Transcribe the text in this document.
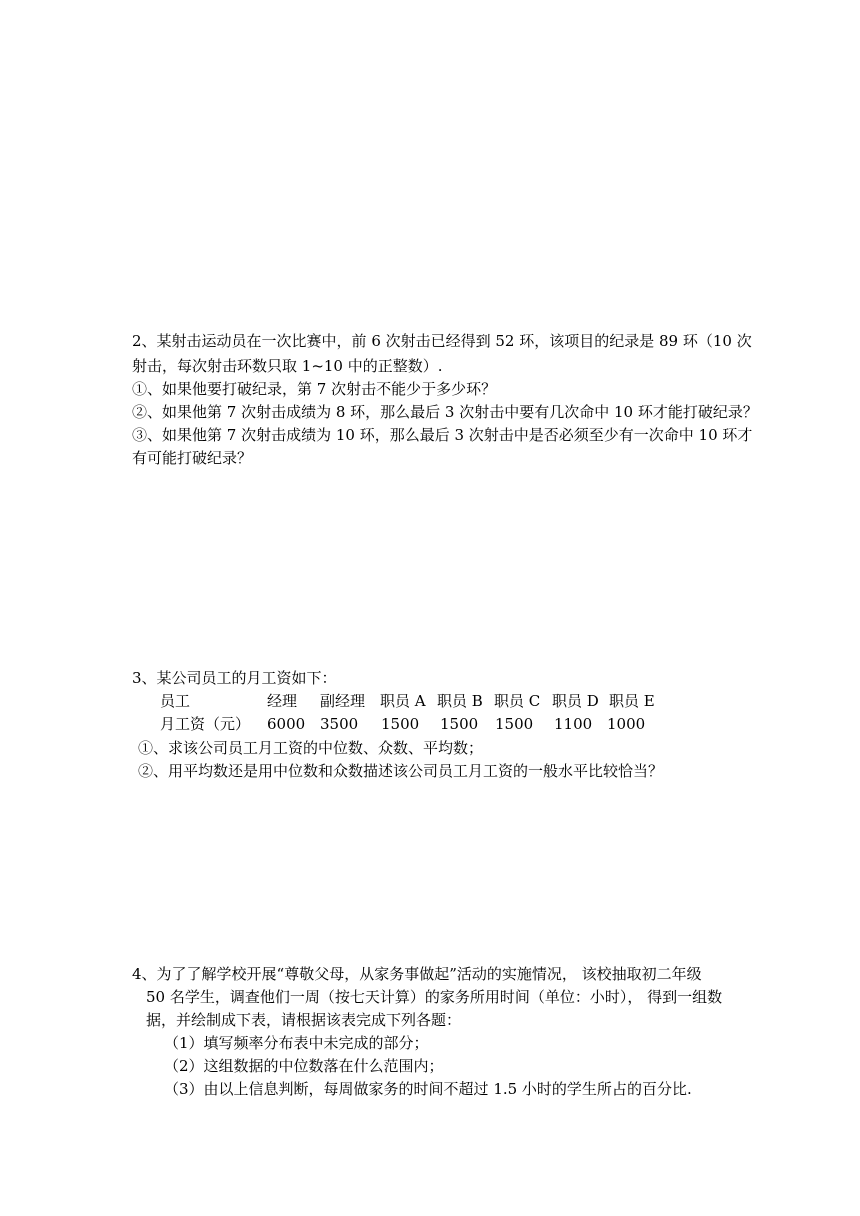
2、某射击运动员在一次比赛中，前 6 次射击已经得到 52 环，该项目的纪录是 89 环（10 次
射击，每次射击环数只取 1~10 中的正整数）.
①、如果他要打破纪录，第 7 次射击不能少于多少环？
②、如果他第 7 次射击成绩为 8 环，那么最后 3 次射击中要有几次命中 10 环才能打破纪录？
③、如果他第 7 次射击成绩为 10 环，那么最后 3 次射击中是否必须至少有一次命中 10 环才
有可能打破纪录？
3、某公司员工的月工资如下：
员工	经理 副经理 职员 A 职员 B 职员 C 职员 D 职员 E
月工资（元） 6000 3500 1500 1500 1500 1100 1000
①、求该公司员工月工资的中位数、众数、平均数；
②、用平均数还是用中位数和众数描述该公司员工月工资的一般水平比较恰当？
4、为了了解学校开展“尊敬父母，从家务事做起”活动的实施情况， 该校抽取初二年级
50 名学生，调查他们一周（按七天计算）的家务所用时间（单位：小时）， 得到一组数
据，并绘制成下表，请根据该表完成下列各题：
（1）填写频率分布表中未完成的部分；
（2）这组数据的中位数落在什么范围内；
（3）由以上信息判断，每周做家务的时间不超过 1.5 小时的学生所占的百分比.
